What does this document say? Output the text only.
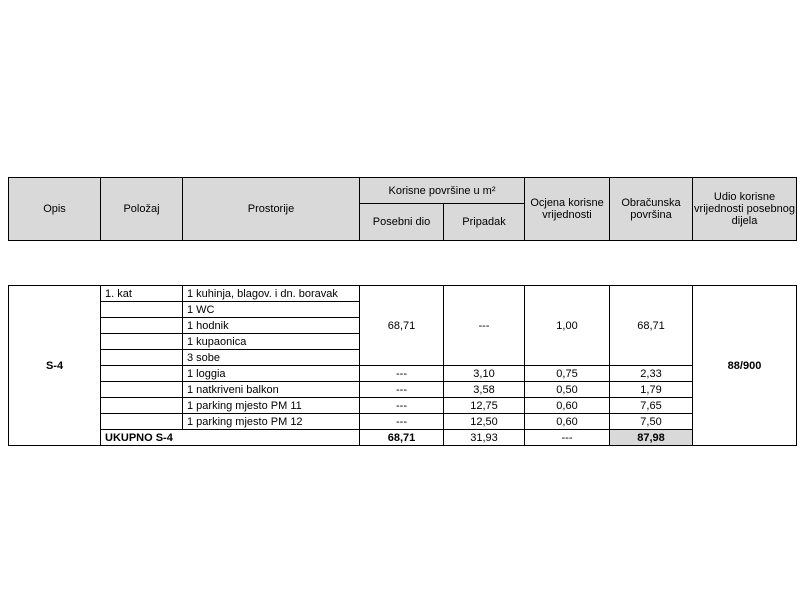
Opis	Položaj	Prostorije	Korisne površine u m²		Ocjena korisne vrijednosti	Obračunska površina	Udio korisne vrijednosti posebnog dijela
			Posebni dio	Pripadak			
S-4	1. kat	1 kuhinja, blagov. i dn. boravak	68,71	---	1,00	68,71	88/900
		1 WC					
		1 hodnik					
		1 kupaonica					
		3 sobe					
		1 loggia	---	3,10	0,75	2,33	
		1 natkriveni balkon	---	3,58	0,50	1,79	
		1 parking mjesto PM 11	---	12,75	0,60	7,65	
		1 parking mjesto PM 12	---	12,50	0,60	7,50	
	UKUPNO S-4		68,71	31,93	---	87,98	
